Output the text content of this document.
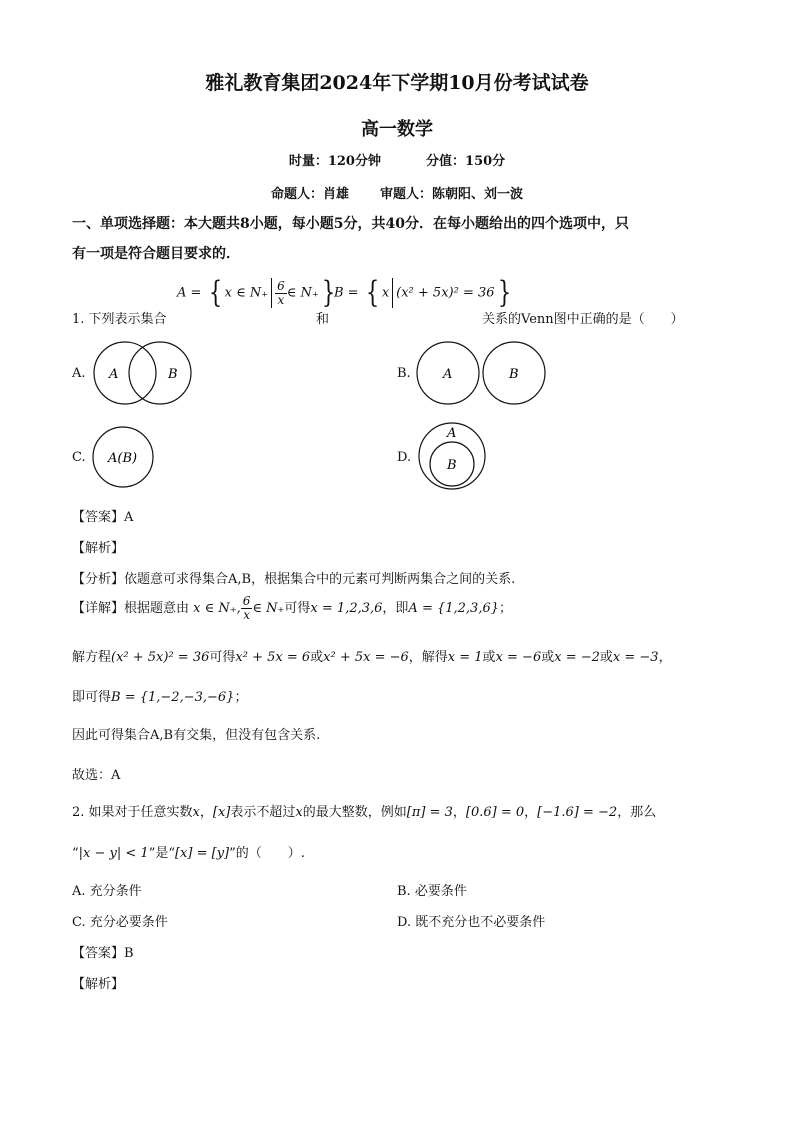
雅礼教育集团2024年下学期10月份考试试卷
高一数学
时量：120分钟	分值：150分
命题人：肖雄 审题人：陈朝阳、刘一波
一、单项选择题：本大题共8小题，每小题5分，共40分．在每小题给出的四个选项中，只
有一项是符合题目要求的．
1. 下列表示集合
A = { x ∈ $N_+ \frac{6}{x}$ ∈ N₊}
和
B = { x (x² + 5x)² = 36}
关系的Venn图中正确的是（　　）
A. A	B	B. A	B
C. A(B)	D.
A
B
【答案】A
【解析】
【分析】依题意可求得集合A,B，根据集合中的元素可判断两集合之间的关系.
【详解】根据题意由 x ∈ N₊, $\frac{6}{x}$ ∈ N₊可得x = 1,2,3,6，即A = {1,2,3,6}；
解方程(x² + 5x)² = 36可得x² + 5x = 6或x² + 5x = −6，解得x = 1或x = −6或x = −2或x = −3，
即可得B = {1,−2,−3,−6}；
因此可得集合A,B有交集，但没有包含关系.
故选：A
2. 如果对于任意实数x，[x]表示不超过x的最大整数，例如[π] = 3，[0.6] = 0，[−1.6] = −2，那么
“|x − y| < 1”是“[x] = [y]”的（　　）.
A. 充分条件	B. 必要条件
C. 充分必要条件	D. 既不充分也不必要条件
【答案】B
【解析】
